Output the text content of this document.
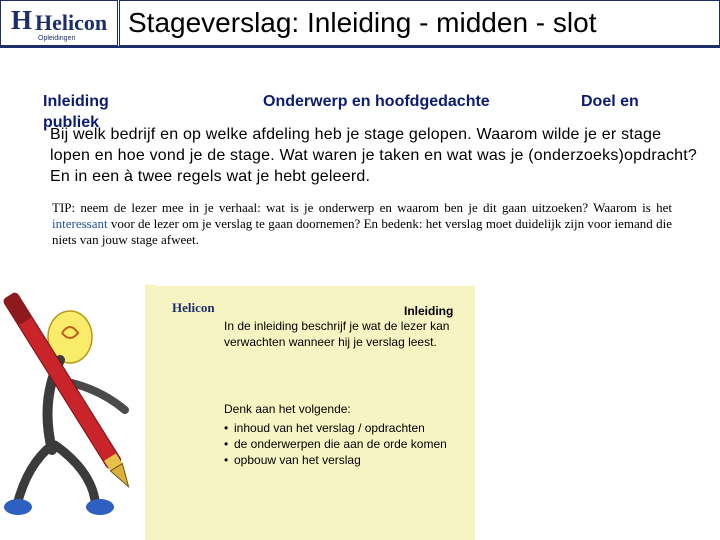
H Helicon
Opleidingen
Stageverslag: Inleiding - midden - slot
Inleiding
publiek
Onderwerp en hoofdgedachte	Doel en
Bij welk bedrijf en op welke afdeling heb je stage gelopen. Waarom wilde je er stage lopen en hoe vond je de stage. Wat waren je taken en wat was je (onderzoeks)opdracht? En in een à twee regels wat je hebt geleerd.
TIP: neem de lezer mee in je verhaal: wat is je onderwerp en waarom ben je dit gaan uitzoeken? Waarom is het interessant voor de lezer om je verslag te gaan doornemen? En bedenk: het verslag moet duidelijk zijn voor iemand die niets van jouw stage afweet.
Helicon	Inleiding
In de inleiding beschrijf je wat de lezer kan verwachten wanneer hij je verslag leest.
Denk aan het volgende:
• inhoud van het verslag / opdrachten
• de onderwerpen die aan de orde komen
• opbouw van het verslag
